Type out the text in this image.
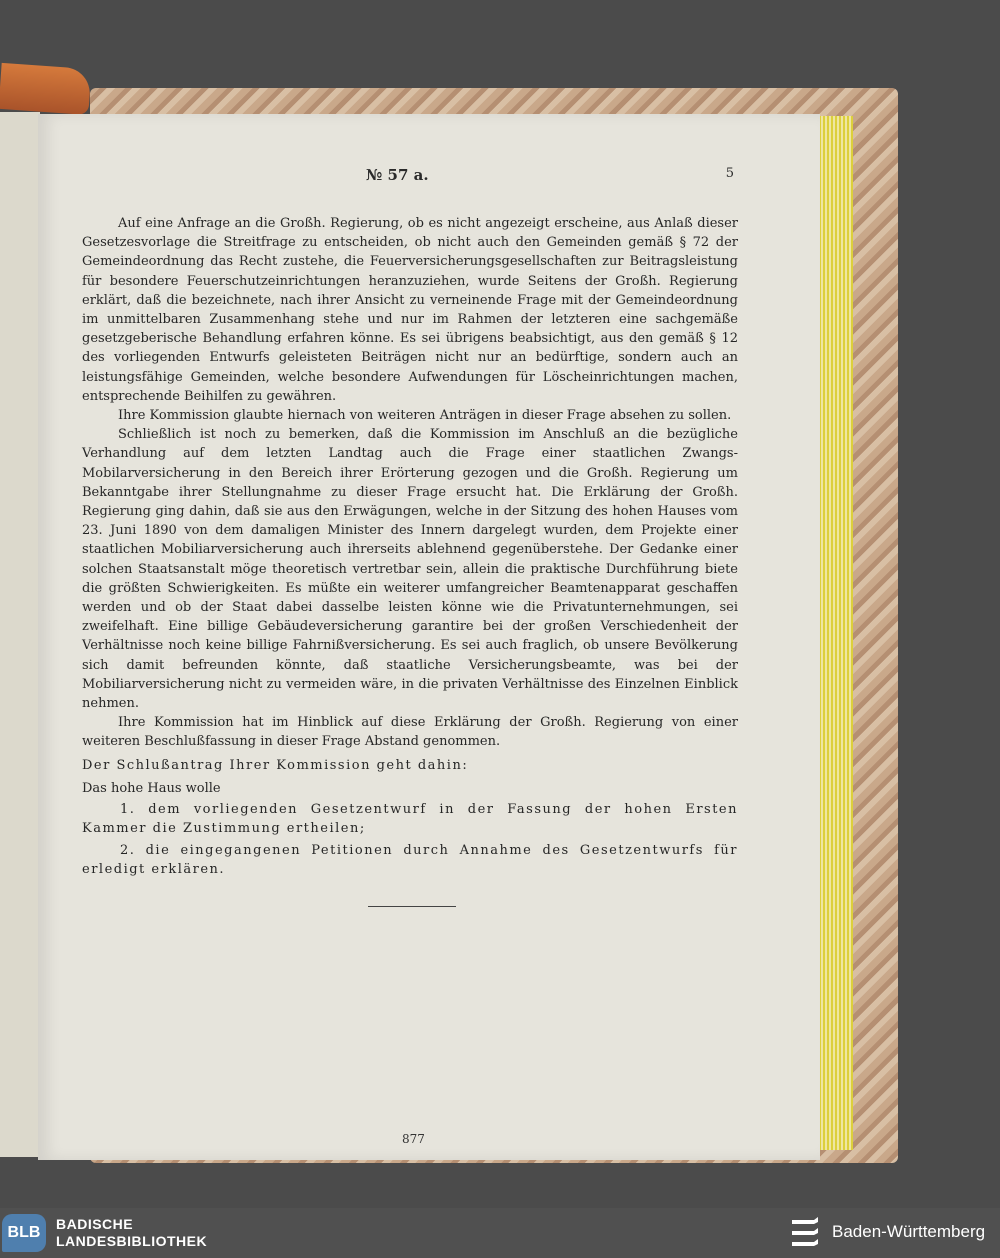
№ 57 a.	5

Auf eine Anfrage an die Großh. Regierung, ob es nicht angezeigt erscheine, aus Anlaß dieser Gesetzesvorlage die Streitfrage zu entscheiden, ob nicht auch den Gemeinden gemäß § 72 der Gemeindeordnung das Recht zustehe, die Feuerversicherungsgesellschaften zur Beitragsleistung für besondere Feuerschutzeinrichtungen heranzuziehen, wurde Seitens der Großh. Regierung erklärt, daß die bezeichnete, nach ihrer Ansicht zu verneinende Frage mit der Gemeindeordnung im unmittelbaren Zusammenhang stehe und nur im Rahmen der letzteren eine sachgemäße gesetzgeberische Behandlung erfahren könne. Es sei übrigens beabsichtigt, aus den gemäß § 12 des vorliegenden Entwurfs geleisteten Beiträgen nicht nur an bedürftige, sondern auch an leistungsfähige Gemeinden, welche besondere Aufwendungen für Löscheinrichtungen machen, entsprechende Beihilfen zu gewähren.

Ihre Kommission glaubte hiernach von weiteren Anträgen in dieser Frage absehen zu sollen.

Schließlich ist noch zu bemerken, daß die Kommission im Anschluß an die bezügliche Verhandlung auf dem letzten Landtag auch die Frage einer staatlichen Zwangs-Mobilarversicherung in den Bereich ihrer Erörterung gezogen und die Großh. Regierung um Bekanntgabe ihrer Stellungnahme zu dieser Frage ersucht hat. Die Erklärung der Großh. Regierung ging dahin, daß sie aus den Erwägungen, welche in der Sitzung des hohen Hauses vom 23. Juni 1890 von dem damaligen Minister des Innern dargelegt wurden, dem Projekte einer staatlichen Mobiliarversicherung auch ihrerseits ablehnend gegenüberstehe. Der Gedanke einer solchen Staatsanstalt möge theoretisch vertretbar sein, allein die praktische Durchführung biete die größten Schwierigkeiten. Es müßte ein weiterer umfangreicher Beamtenapparat geschaffen werden und ob der Staat dabei dasselbe leisten könne wie die Privatunternehmungen, sei zweifelhaft. Eine billige Gebäudeversicherung garantire bei der großen Verschiedenheit der Verhältnisse noch keine billige Fahrnißversicherung. Es sei auch fraglich, ob unsere Bevölkerung sich damit befreunden könnte, daß staatliche Versicherungsbeamte, was bei der Mobiliarversicherung nicht zu vermeiden wäre, in die privaten Verhältnisse des Einzelnen Einblick nehmen.

Ihre Kommission hat im Hinblick auf diese Erklärung der Großh. Regierung von einer weiteren Beschlußfassung in dieser Frage Abstand genommen.

Der Schlußantrag Ihrer Kommission geht dahin:

Das hohe Haus wolle

1. dem vorliegenden Gesetzentwurf in der Fassung der hohen Ersten Kammer die Zustimmung ertheilen;

2. die eingegangenen Petitionen durch Annahme des Gesetzentwurfs für erledigt erklären.

877
BLB	BADISCHE
LANDESBIBLIOTHEK	Baden-Württemberg
